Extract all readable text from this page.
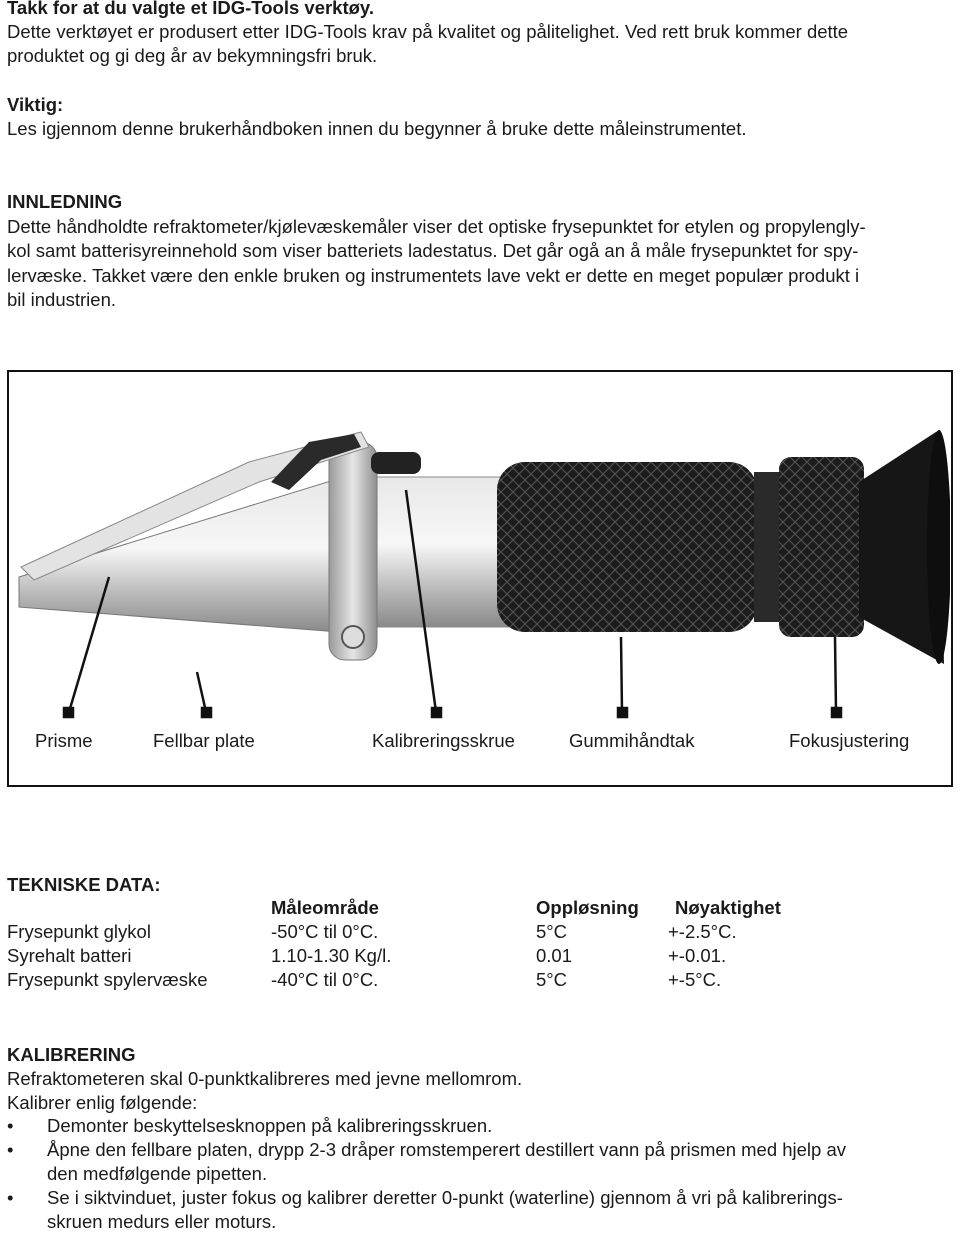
Takk for at du valgte et IDG-Tools verktøy.
Dette verktøyet er produsert etter IDG-Tools krav på kvalitet og pålitelighet. Ved rett bruk kommer dette
produktet og gi deg år av bekymningsfri bruk.
Viktig:
Les igjennom denne brukerhåndboken innen du begynner å bruke dette måleinstrumentet.
INNLEDNING
Dette håndholdte refraktometer/kjølevæskemåler viser det optiske frysepunktet for etylen og propylengly-
kol samt batterisyreinnehold som viser batteriets ladestatus. Det går ogå an å måle frysepunktet for spy-
lervæske. Takket være den enkle bruken og instrumentets lave vekt er dette en meget populær produkt i
bil industrien.
Prisme	Fellbar plate	Kalibreringsskrue	Gummihåndtak	Fokusjustering
TEKNISKE DATA:
	Måleområde	Oppløsning	Nøyaktighet
Frysepunkt glykol	-50°C til 0°C.	5°C	+-2.5°C.
Syrehalt batteri	1.10-1.30 Kg/l.	0.01	+-0.01.
Frysepunkt spylervæske	-40°C til 0°C.	5°C	+-5°C.
KALIBRERING
Refraktometeren skal 0-punktkalibreres med jevne mellomrom.
Kalibrer enlig følgende:
• Demonter beskyttelsesknoppen på kalibreringsskruen.
• Åpne den fellbare platen, drypp 2-3 dråper romstemperert destillert vann på prismen med hjelp av
den medfølgende pipetten.
• Se i siktvinduet, juster fokus og kalibrer deretter 0-punkt (waterline) gjennom å vri på kalibrerings-
skruen medurs eller moturs.
